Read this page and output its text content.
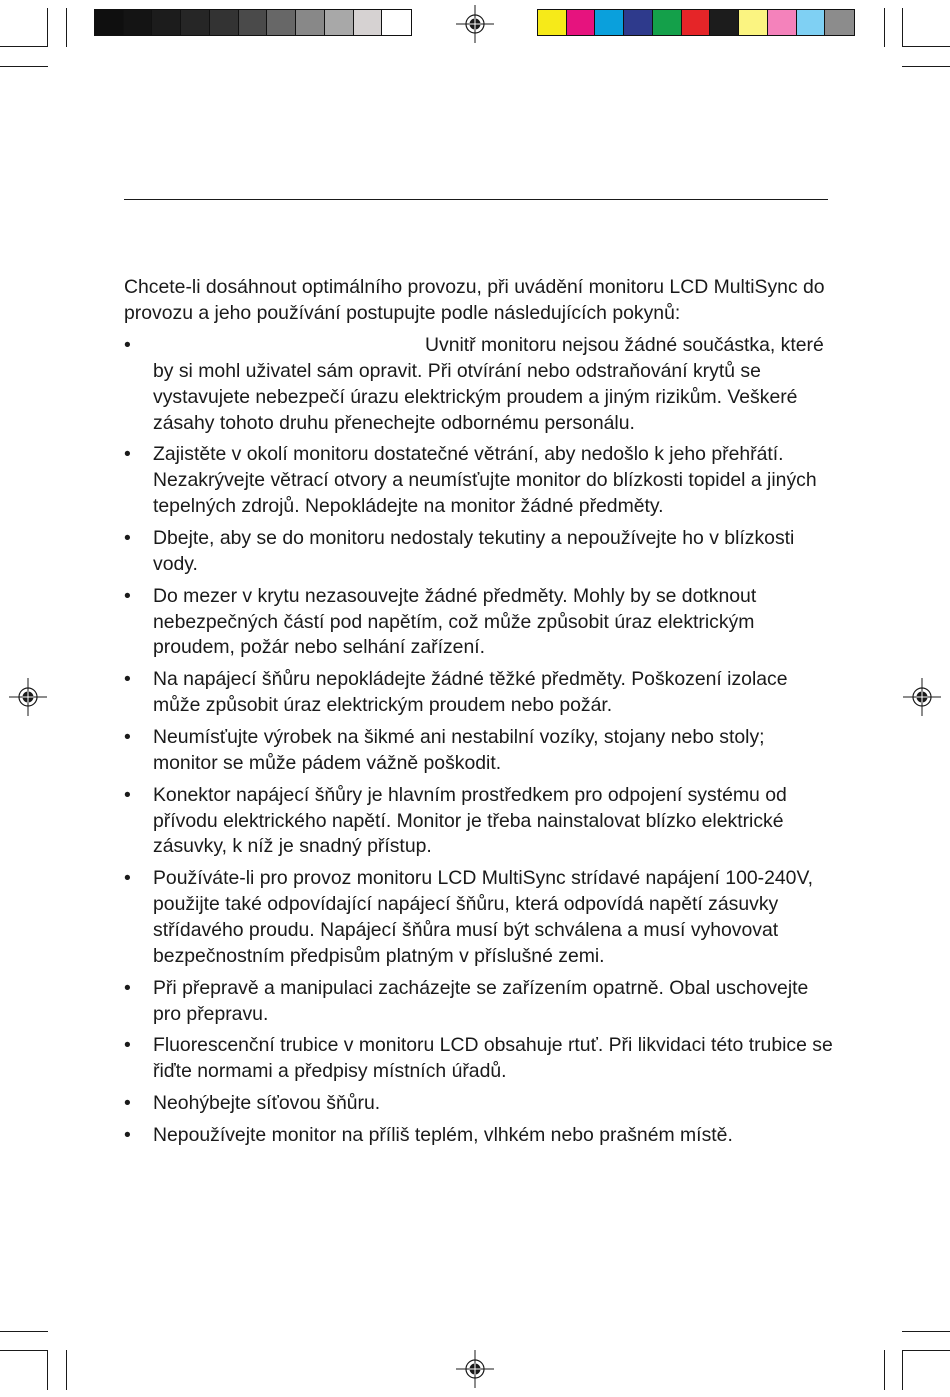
Chcete-li dosáhnout optimálního provozu, při uvádění monitoru LCD MultiSync do provozu a jeho používání postupujte podle následujících pokynů:

•	Uvnitř monitoru nejsou žádné součástka, které by si mohl uživatel sám opravit. Při otvírání nebo odstraňování krytů se vystavujete nebezpečí úrazu elektrickým proudem a jiným rizikům. Veškeré zásahy tohoto druhu přenechejte odbornému personálu.
• Zajistěte v okolí monitoru dostatečné větrání, aby nedošlo k jeho přehřátí. Nezakrývejte větrací otvory a neumísťujte monitor do blízkosti topidel a jiných tepelných zdrojů. Nepokládejte na monitor žádné předměty.
• Dbejte, aby se do monitoru nedostaly tekutiny a nepoužívejte ho v blízkosti vody.
• Do mezer v krytu nezasouvejte žádné předměty. Mohly by se dotknout nebezpečných částí pod napětím, což může způsobit úraz elektrickým proudem, požár nebo selhání zařízení.
• Na napájecí šňůru nepokládejte žádné těžké předměty. Poškození izolace může způsobit úraz elektrickým proudem nebo požár.
• Neumísťujte výrobek na šikmé ani nestabilní vozíky, stojany nebo stoly; monitor se může pádem vážně poškodit.
• Konektor napájecí šňůry je hlavním prostředkem pro odpojení systému od přívodu elektrického napětí. Monitor je třeba nainstalovat blízko elektrické zásuvky, k níž je snadný přístup.
• Používáte-li pro provoz monitoru LCD MultiSync strídavé napájení 100-240V, použijte také odpovídající napájecí šňůru, která odpovídá napětí zásuvky střídavého proudu. Napájecí šňůra musí být schválena a musí vyhovovat bezpečnostním předpisům platným v příslušné zemi.
• Při přepravě a manipulaci zacházejte se zařízením opatrně. Obal uschovejte pro přepravu.
• Fluorescenční trubice v monitoru LCD obsahuje rtuť. Při likvidaci této trubice se řiďte normami a předpisy místních úřadů.
• Neohýbejte síťovou šňůru.
• Nepoužívejte monitor na příliš teplém, vlhkém nebo prašném místě.
